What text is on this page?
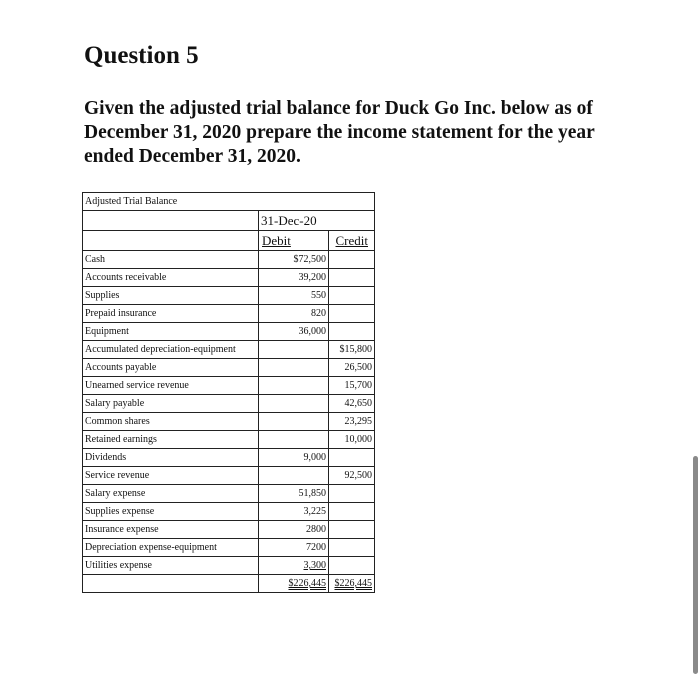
Question 5

Given the adjusted trial balance for Duck Go Inc. below as of December 31, 2020 prepare the income statement for the year ended December 31, 2020.

Adjusted Trial Balance		
	31-Dec-20	
	Debit	Credit
Cash	$72,500	
Accounts receivable	39,200	
Supplies	550	
Prepaid insurance	820	
Equipment	36,000	
Accumulated depreciation-equipment		$15,800
Accounts payable		26,500
Unearned service revenue		15,700
Salary payable		42,650
Common shares		23,295
Retained earnings		10,000
Dividends	9,000	
Service revenue		92,500
Salary expense	51,850	
Supplies expense	3,225	
Insurance expense	2800	
Depreciation expense-equipment	7200	
Utilities expense	3,300	
	$226,445	$226,445
